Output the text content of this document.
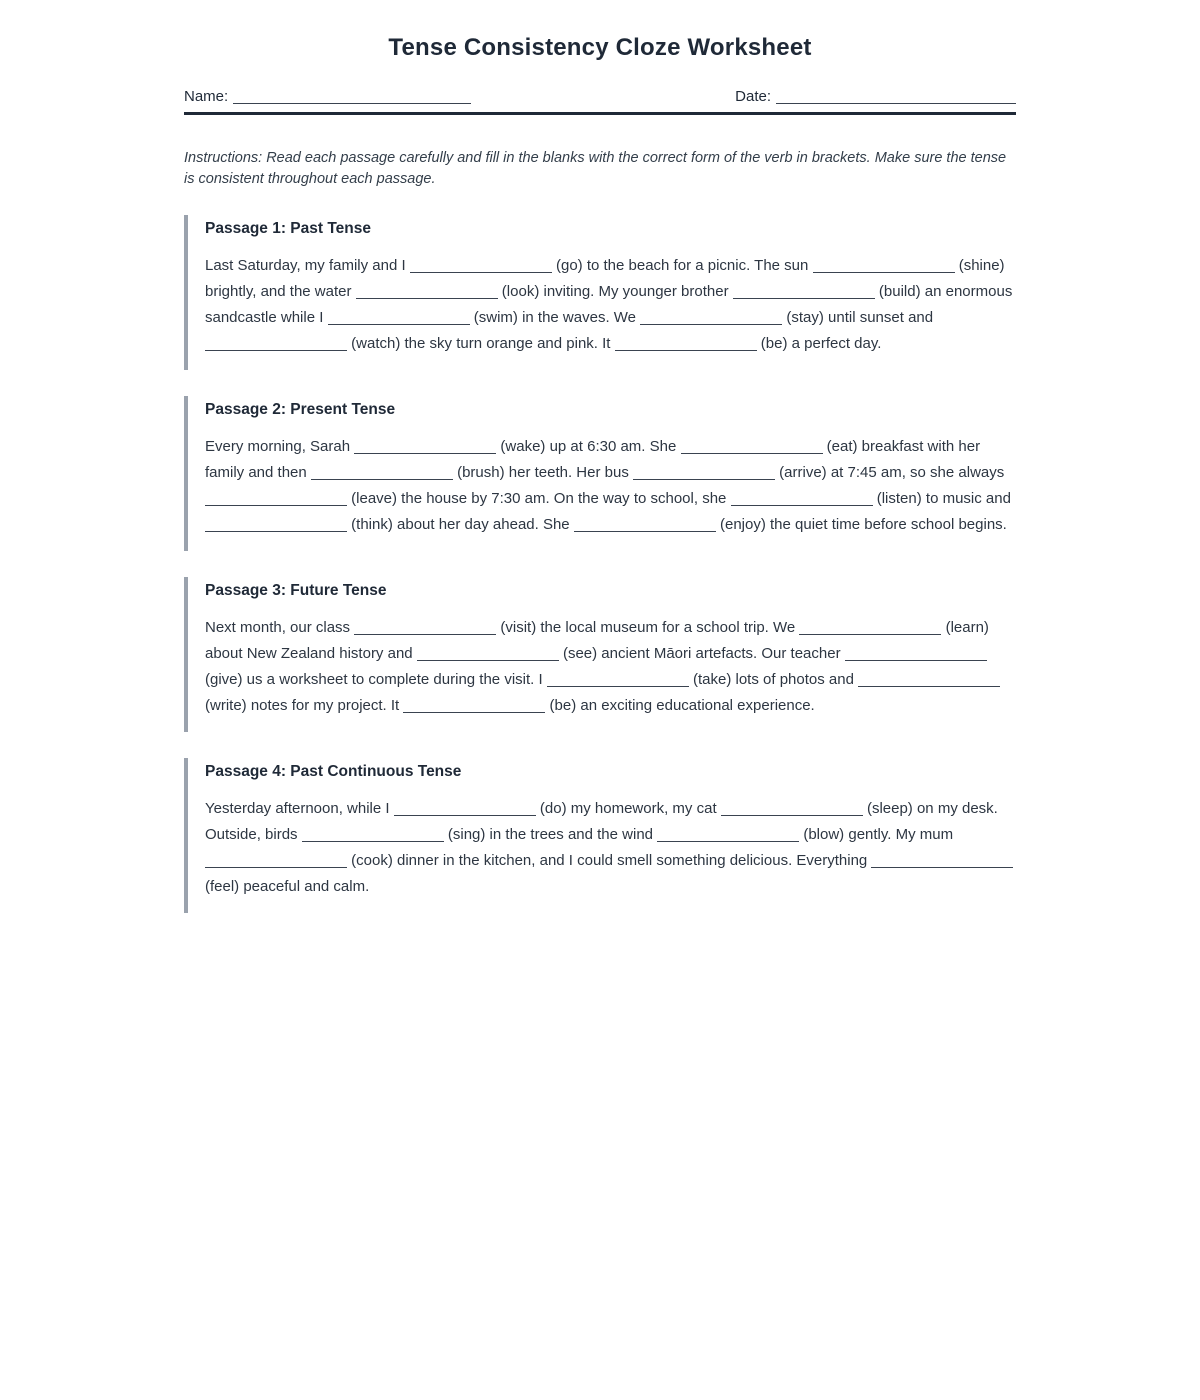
Tense Consistency Cloze Worksheet
Name:	Date:

Instructions: Read each passage carefully and fill in the blanks with the correct form of the verb in brackets. Make sure the tense is consistent throughout each passage.

Passage 1: Past Tense

Last Saturday, my family and I	(go) to the beach for a picnic. The sun	(shine) brightly, and the water	(look) inviting. My younger brother	(build) an enormous sandcastle while I	(swim) in the waves. We	(stay) until sunset and  (watch) the sky turn orange and pink. It	(be) a perfect day.

Passage 2: Present Tense

Every morning, Sarah	(wake) up at 6:30 am. She	(eat) breakfast with her family and then	(brush) her teeth. Her bus	(arrive) at 7:45 am, so she always  (leave) the house by 7:30 am. On the way to school, she	(listen) to music and  (think) about her day ahead. She	(enjoy) the quiet time before school begins.

Passage 3: Future Tense

Next month, our class	(visit) the local museum for a school trip. We	(learn) about New Zealand history and	(see) ancient Māori artefacts. Our teacher  (give) us a worksheet to complete during the visit. I	(take) lots of photos and  (write) notes for my project. It	(be) an exciting educational experience.

Passage 4: Past Continuous Tense

Yesterday afternoon, while I	(do) my homework, my cat	(sleep) on my desk. Outside, birds	(sing) in the trees and the wind	(blow) gently. My mum  (cook) dinner in the kitchen, and I could smell something delicious. Everything  (feel) peaceful and calm.
